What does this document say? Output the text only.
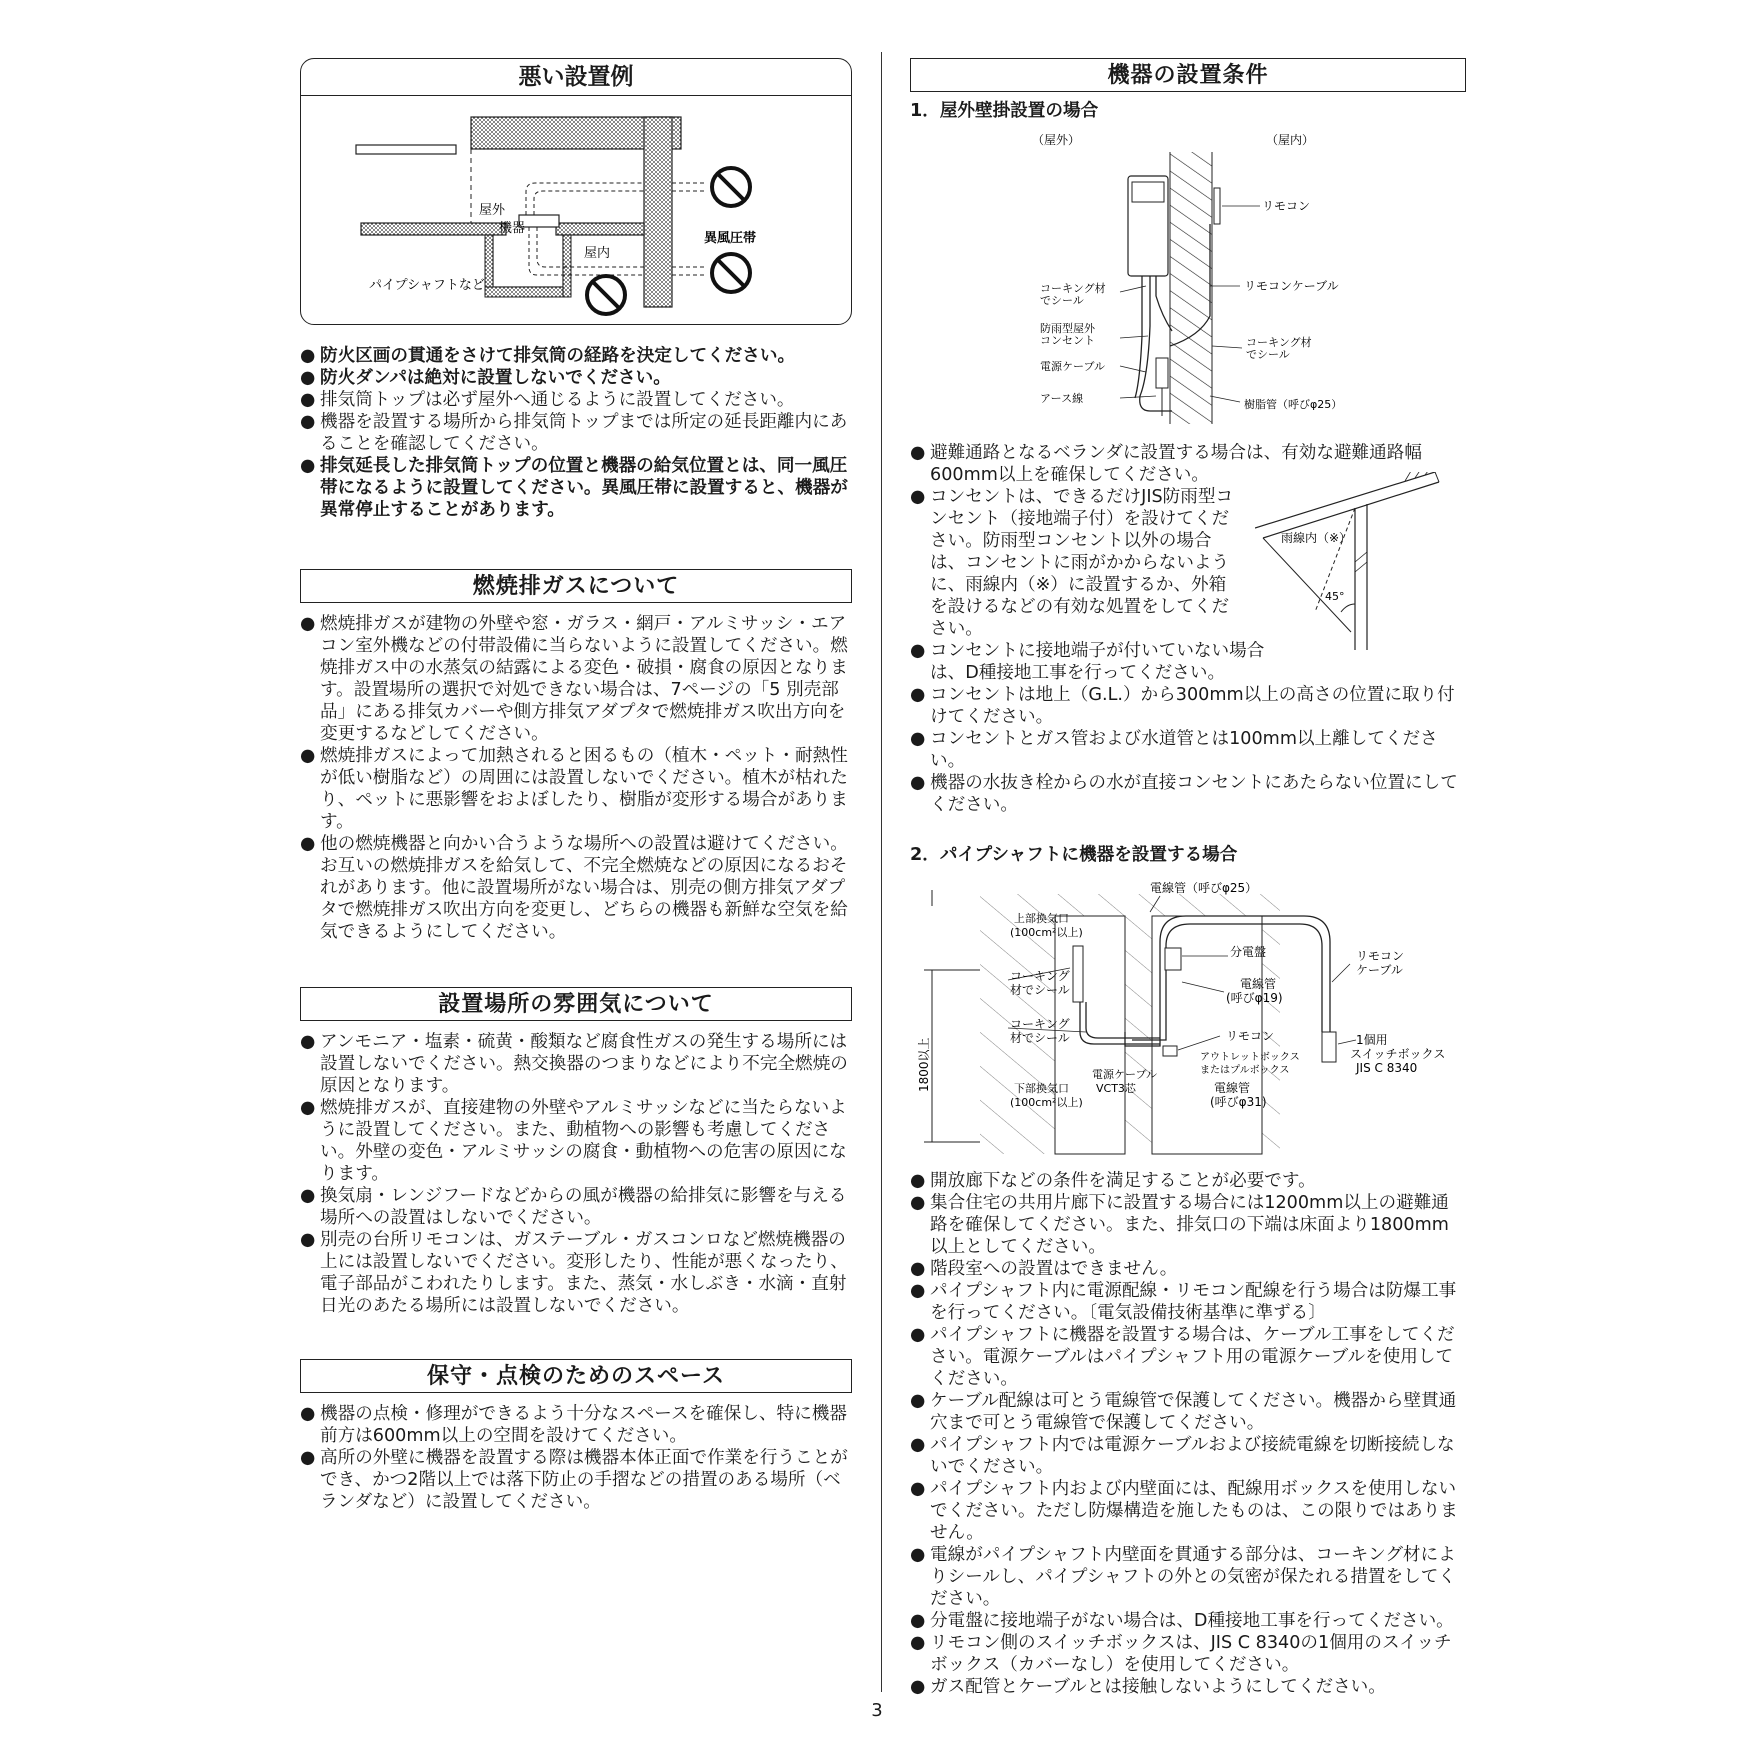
悪い設置例
屋外
機器
パイプシャフトなど
屋内
異風圧帯
● 防火区画の貫通をさけて排気筒の経路を決定してください。
● 防火ダンパは絶対に設置しないでください。
● 排気筒トップは必ず屋外へ通じるように設置してください。
● 機器を設置する場所から排気筒トップまでは所定の延長距離内にあることを確認してください。
● 排気延長した排気筒トップの位置と機器の給気位置とは、同一風圧帯になるように設置してください。異風圧帯に設置すると、機器が異常停止することがあります。
燃焼排ガスについて
● 燃焼排ガスが建物の外壁や窓・ガラス・網戸・アルミサッシ・エアコン室外機などの付帯設備に当らないように設置してください。燃焼排ガス中の水蒸気の結露による変色・破損・腐食の原因となります。設置場所の選択で対処できない場合は、7ページの「5 別売部品」にある排気カバーや側方排気アダプタで燃焼排ガス吹出方向を変更するなどしてください。
● 燃焼排ガスによって加熱されると困るもの（植木・ペット・耐熱性が低い樹脂など）の周囲には設置しないでください。植木が枯れたり、ペットに悪影響をおよぼしたり、樹脂が変形する場合があります。
● 他の燃焼機器と向かい合うような場所への設置は避けてください。お互いの燃焼排ガスを給気して、不完全燃焼などの原因になるおそれがあります。他に設置場所がない場合は、別売の側方排気アダプタで燃焼排ガス吹出方向を変更し、どちらの機器も新鮮な空気を給気できるようにしてください。
設置場所の雰囲気について
● アンモニア・塩素・硫黄・酸類など腐食性ガスの発生する場所には設置しないでください。熱交換器のつまりなどにより不完全燃焼の原因となります。
● 燃焼排ガスが、直接建物の外壁やアルミサッシなどに当たらないように設置してください。また、動植物への影響も考慮してください。外壁の変色・アルミサッシの腐食・動植物への危害の原因になります。
● 換気扇・レンジフードなどからの風が機器の給排気に影響を与える場所への設置はしないでください。
● 別売の台所リモコンは、ガステーブル・ガスコンロなど燃焼機器の上には設置しないでください。変形したり、性能が悪くなったり、電子部品がこわれたりします。また、蒸気・水しぶき・水滴・直射日光のあたる場所には設置しないでください。
保守・点検のためのスペース
● 機器の点検・修理ができるよう十分なスペースを確保し、特に機器前方は600mm以上の空間を設けてください。
● 高所の外壁に機器を設置する際は機器本体正面で作業を行うことができ、かつ2階以上では落下防止の手摺などの措置のある場所（ベランダなど）に設置してください。
機器の設置条件
1．屋外壁掛設置の場合
（屋外）	（屋内）
リモコン
リモコンケーブル
コーキング材
でシール
防雨型屋外
コンセント	コーキング材
でシール
電源ケーブル
アース線	樹脂管（呼びφ25）
雨線内（※）
45°
● 避難通路となるベランダに設置する場合は、有効な避難通路幅600mm以上を確保してください。
● コンセントは、できるだけJIS防雨型コンセント（接地端子付）を設けてください。防雨型コンセント以外の場合は、コンセントに雨がかからないように、雨線内（※）に設置するか、外箱を設けるなどの有効な処置をしてください。
● コンセントに接地端子が付いていない場合は、D種接地工事を行ってください。
● コンセントは地上（G.L.）から300mm以上の高さの位置に取り付けてください。
● コンセントとガス管および水道管とは100mm以上離してください。
● 機器の水抜き栓からの水が直接コンセントにあたらない位置にしてください。
2．パイプシャフトに機器を設置する場合
1800以上
電線管（呼びφ25）
上部換気口
(100cm²以上)
分電盤	リモコン
ケーブル
コーキング
材でシール	電線管
(呼びφ19)
コーキング
材でシール	リモコン
アウトレットボックス
またはプルボックス
1個用
スイッチボックス
JIS C 8340
電源ケーブル
VCT3芯
下部換気口
(100cm²以上)
電線管
(呼びφ31)
● 開放廊下などの条件を満足することが必要です。
● 集合住宅の共用片廊下に設置する場合には1200mm以上の避難通路を確保してください。また、排気口の下端は床面より1800mm以上としてください。
● 階段室への設置はできません。
● パイプシャフト内に電源配線・リモコン配線を行う場合は防爆工事を行ってください。〔電気設備技術基準に準ずる〕
● パイプシャフトに機器を設置する場合は、ケーブル工事をしてください。電源ケーブルはパイプシャフト用の電源ケーブルを使用してください。
● ケーブル配線は可とう電線管で保護してください。機器から壁貫通穴まで可とう電線管で保護してください。
● パイプシャフト内では電源ケーブルおよび接続電線を切断接続しないでください。
● パイプシャフト内および内壁面には、配線用ボックスを使用しないでください。ただし防爆構造を施したものは、この限りではありません。
● 電線がパイプシャフト内壁面を貫通する部分は、コーキング材によりシールし、パイプシャフトの外との気密が保たれる措置をしてください。
● 分電盤に接地端子がない場合は、D種接地工事を行ってください。
● リモコン側のスイッチボックスは、JIS C 8340の1個用のスイッチボックス（カバーなし）を使用してください。
● ガス配管とケーブルとは接触しないようにしてください。
3
